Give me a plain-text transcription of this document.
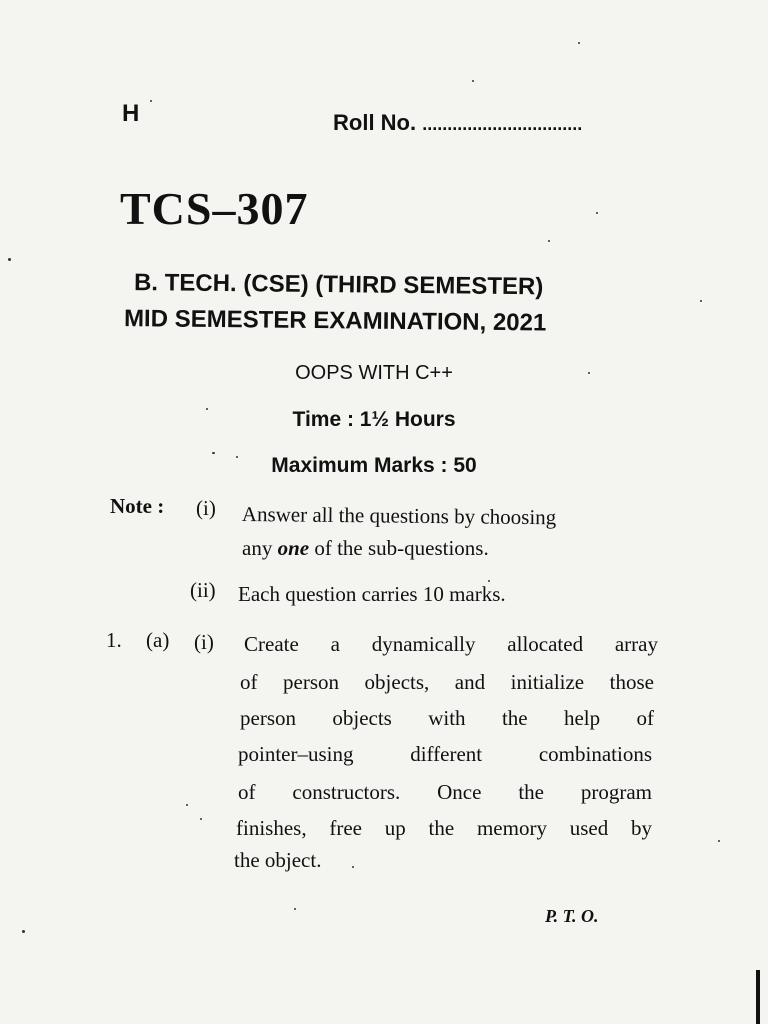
H	Roll No. ................................
TCS–307
B. TECH. (CSE) (THIRD SEMESTER)
MID SEMESTER EXAMINATION, 2021
OOPS WITH C++
Time : 1½ Hours
Maximum Marks : 50
Note : (i) Answer all the questions by choosing
any one of the sub-questions.
(ii) Each question carries 10 marks.
1. (a) (i) Create a dynamically allocated array
of person objects, and initialize those
person objects with the help of
pointer–using different combinations
of constructors. Once the program
finishes, free up the memory used by
the object.
P. T. O.
